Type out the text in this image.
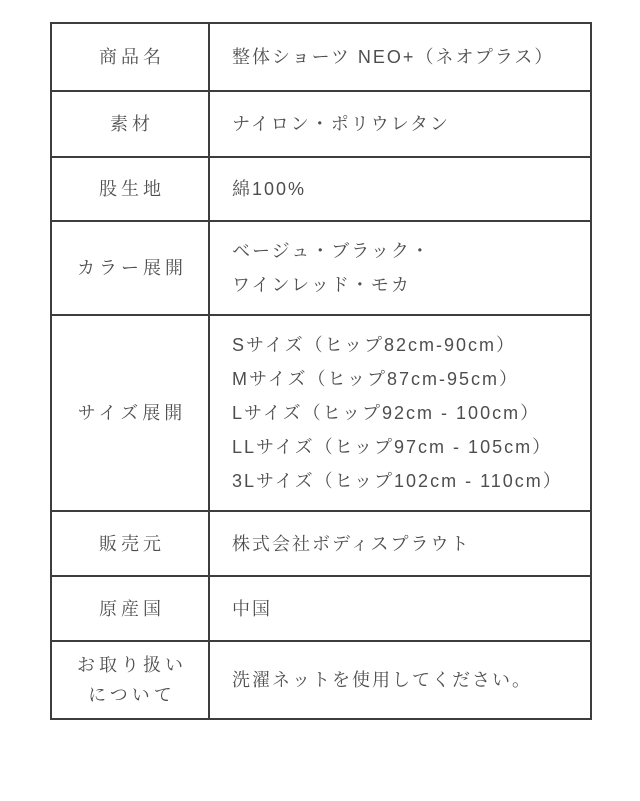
商品名	整体ショーツ NEO+（ネオプラス）

素材	ナイロン・ポリウレタン

股生地	綿100%

カラー展開	ベージュ・ブラック・
ワインレッド・モカ

サイズ展開	Sサイズ（ヒップ82cm-90cm）
Mサイズ（ヒップ87cm-95cm）
Lサイズ（ヒップ92cm - 100cm）
LLサイズ（ヒップ97cm - 105cm）
3Lサイズ（ヒップ102cm - 110cm）

販売元	株式会社ボディスプラウト

原産国	中国

お取り扱い
について	洗濯ネットを使用してください。
